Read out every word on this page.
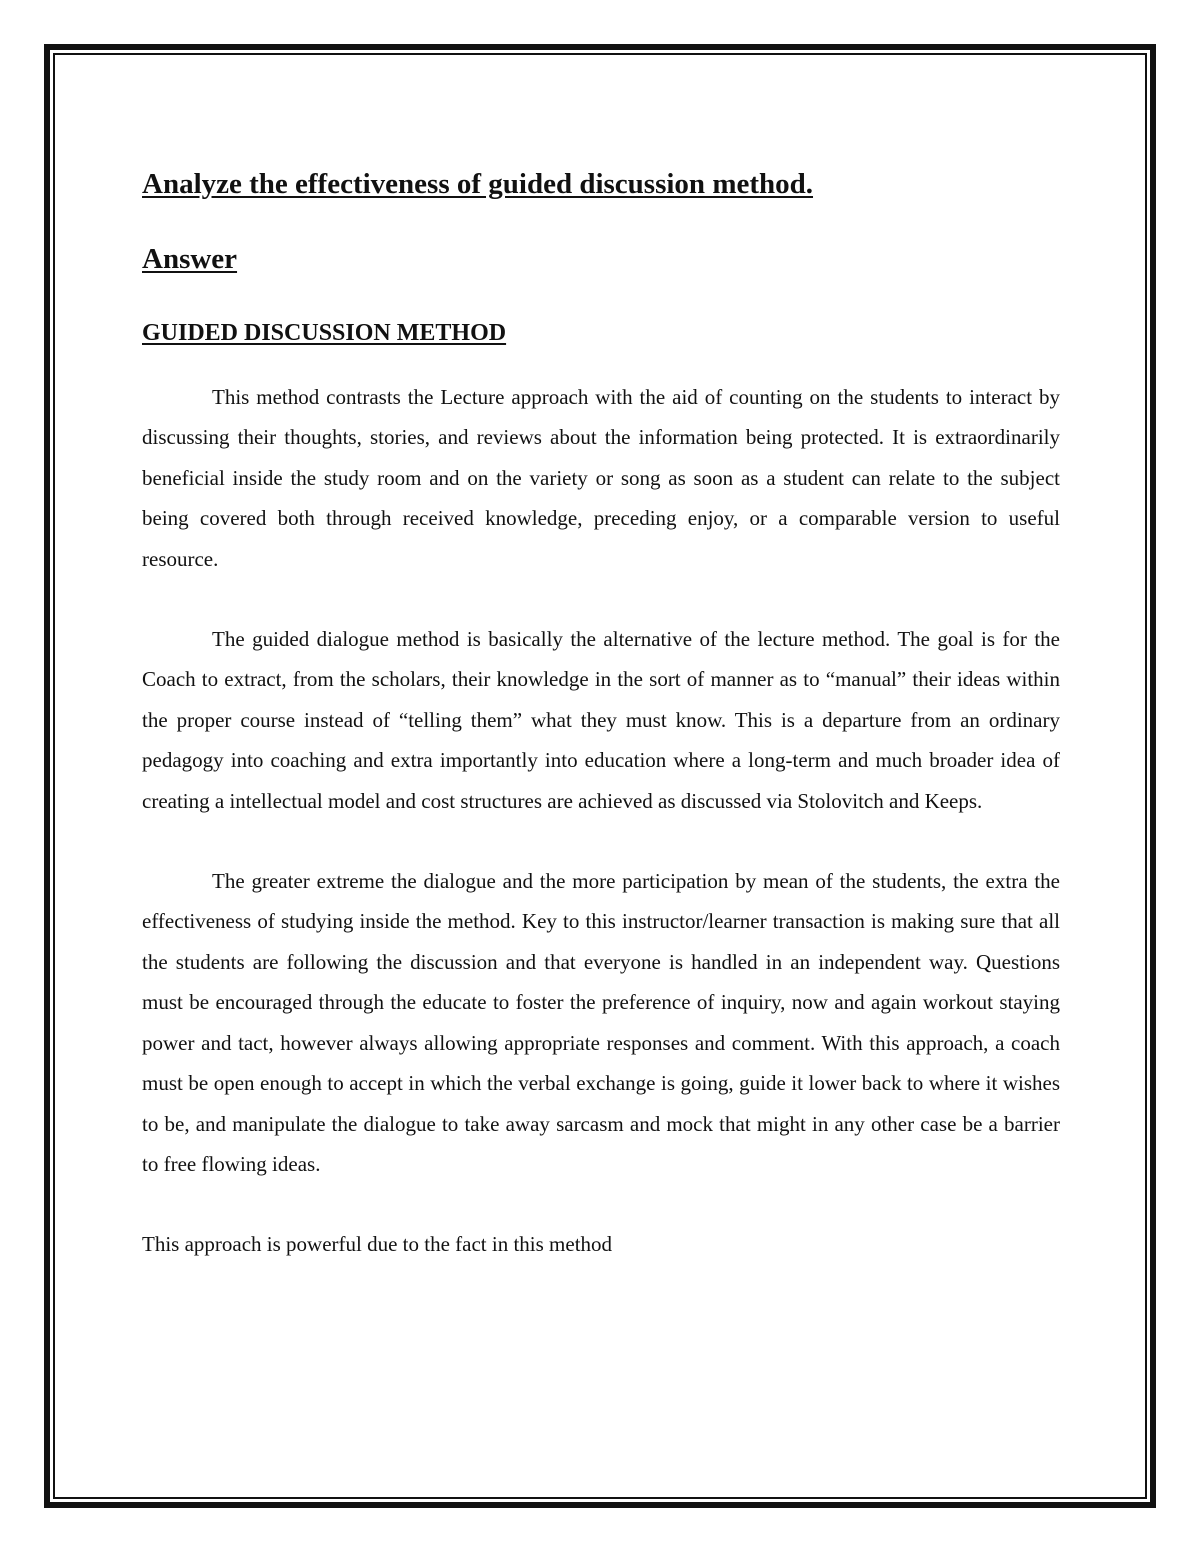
Analyze the effectiveness of guided discussion method.
Answer
GUIDED DISCUSSION METHOD

This method contrasts the Lecture approach with the aid of counting on the students to interact by discussing their thoughts, stories, and reviews about the information being protected. It is extraordinarily beneficial inside the study room and on the variety or song as soon as a student can relate to the subject being covered both through received knowledge, preceding enjoy, or a comparable version to useful resource.

The guided dialogue method is basically the alternative of the lecture method. The goal is for the Coach to extract, from the scholars, their knowledge in the sort of manner as to “manual” their ideas within the proper course instead of “telling them” what they must know. This is a departure from an ordinary pedagogy into coaching and extra importantly into education where a long-term and much broader idea of creating a intellectual model and cost structures are achieved as discussed via Stolovitch and Keeps.

The greater extreme the dialogue and the more participation by mean of the students, the extra the effectiveness of studying inside the method. Key to this instructor/learner transaction is making sure that all the students are following the discussion and that everyone is handled in an independent way. Questions must be encouraged through the educate to foster the preference of inquiry, now and again workout staying power and tact, however always allowing appropriate responses and comment. With this approach, a coach must be open enough to accept in which the verbal exchange is going, guide it lower back to where it wishes to be, and manipulate the dialogue to take away sarcasm and mock that might in any other case be a barrier to free flowing ideas.

This approach is powerful due to the fact in this method
